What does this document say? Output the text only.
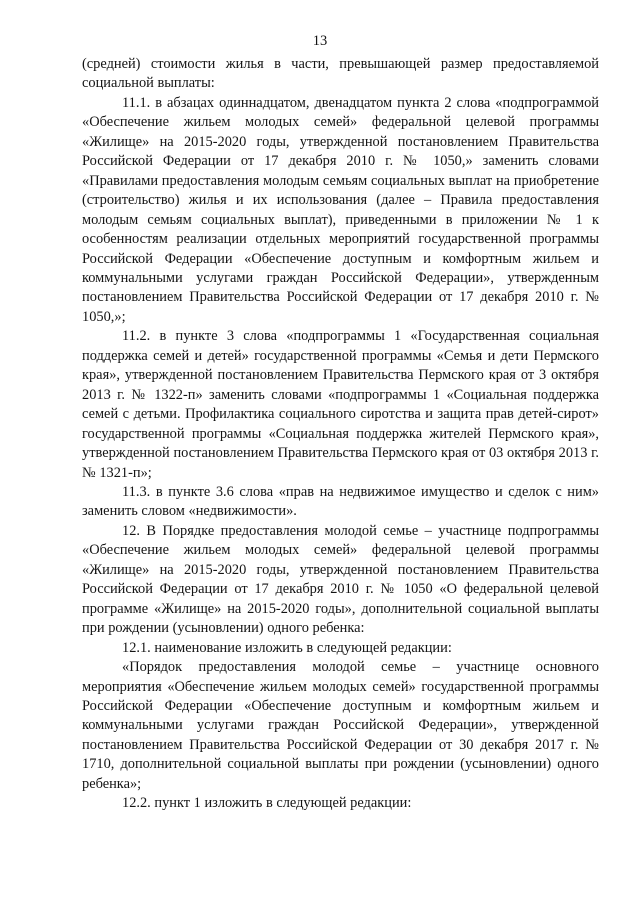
13

(средней) стоимости жилья в части, превышающей размер предоставляемой социальной выплаты:

11.1. в абзацах одиннадцатом, двенадцатом пункта 2 слова «подпрограммой «Обеспечение жильем молодых семей» федеральной целевой программы «Жилище» на 2015-2020 годы, утвержденной постановлением Правительства Российской Федерации от 17 декабря 2010 г. № 1050,» заменить словами «Правилами предоставления молодым семьям социальных выплат на приобретение (строительство) жилья и их использования (далее – Правила предоставления молодым семьям социальных выплат), приведенными в приложении № 1 к особенностям реализации отдельных мероприятий государственной программы Российской Федерации «Обеспечение доступным и комфортным жильем и коммунальными услугами граждан Российской Федерации», утвержденным постановлением Правительства Российской Федерации от 17 декабря 2010 г. № 1050,»;

11.2. в пункте 3 слова «подпрограммы 1 «Государственная социальная поддержка семей и детей» государственной программы «Семья и дети Пермского края», утвержденной постановлением Правительства Пермского края от 3 октября 2013 г. № 1322-п» заменить словами «подпрограммы 1 «Социальная поддержка семей с детьми. Профилактика социального сиротства и защита прав детей-сирот» государственной программы «Социальная поддержка жителей Пермского края», утвержденной постановлением Правительства Пермского края от 03 октября 2013 г. № 1321-п»;

11.3. в пункте 3.6 слова «прав на недвижимое имущество и сделок с ним» заменить словом «недвижимости».

12. В Порядке предоставления молодой семье – участнице подпрограммы «Обеспечение жильем молодых семей» федеральной целевой программы «Жилище» на 2015-2020 годы, утвержденной постановлением Правительства Российской Федерации от 17 декабря 2010 г. № 1050 «О федеральной целевой программе «Жилище» на 2015-2020 годы», дополнительной социальной выплаты при рождении (усыновлении) одного ребенка:

12.1. наименование изложить в следующей редакции:

«Порядок предоставления молодой семье – участнице основного мероприятия «Обеспечение жильем молодых семей» государственной программы Российской Федерации «Обеспечение доступным и комфортным жильем и коммунальными услугами граждан Российской Федерации», утвержденной постановлением Правительства Российской Федерации от 30 декабря 2017 г. № 1710, дополнительной социальной выплаты при рождении (усыновлении) одного ребенка»;

12.2. пункт 1 изложить в следующей редакции:
